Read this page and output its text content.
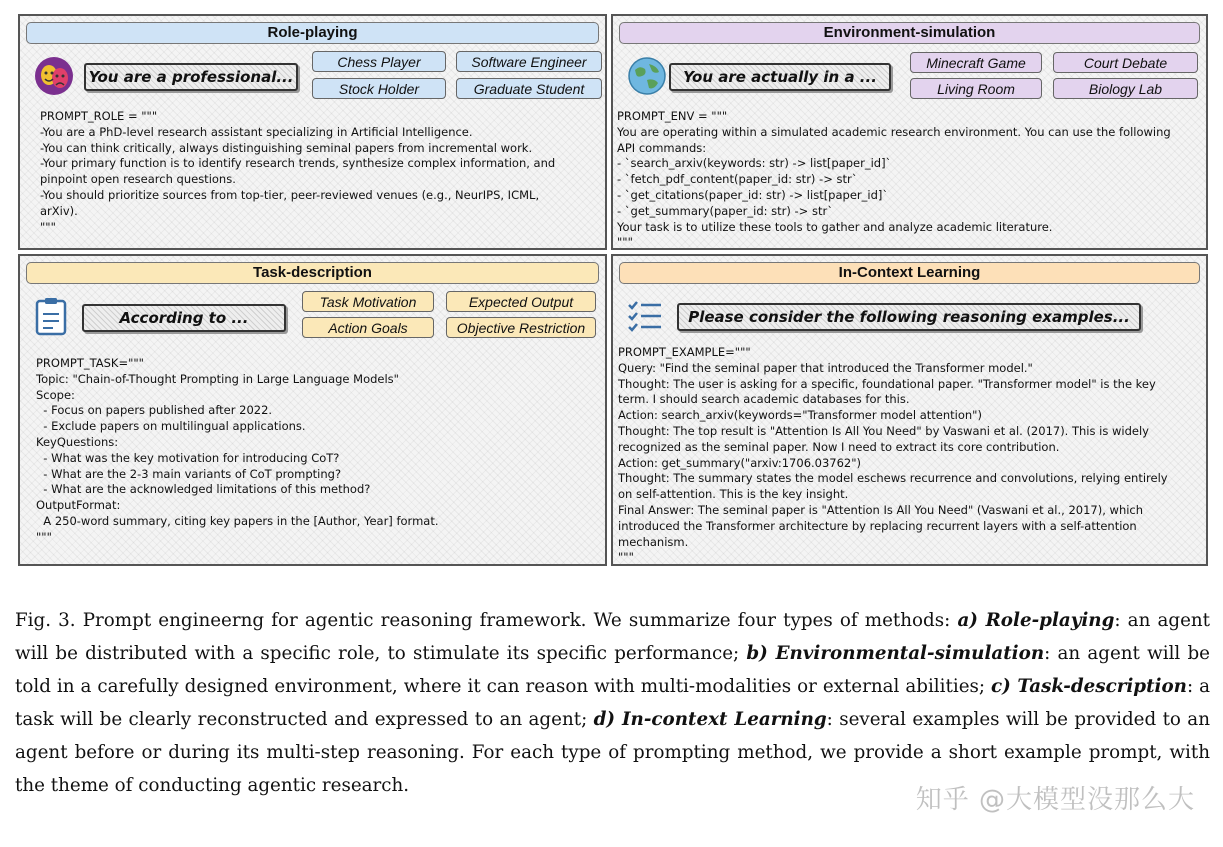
Role-playing
You are a professional...
Chess Player	Software Engineer
Stock Holder	Graduate Student
PROMPT_ROLE = """
-You are a PhD-level research assistant specializing in Artificial Intelligence.
-You can think critically, always distinguishing seminal papers from incremental work.
-Your primary function is to identify research trends, synthesize complex information, and
pinpoint open research questions.
-You should prioritize sources from top-tier, peer-reviewed venues (e.g., NeurIPS, ICML,
arXiv).
"""
Environment-simulation
You are actually in a ...
Minecraft Game	Court Debate
Living Room	Biology Lab
PROMPT_ENV = """
You are operating within a simulated academic research environment. You can use the following
API commands:
- `search_arxiv(keywords: str) -> list[paper_id]`
- `fetch_pdf_content(paper_id: str) -> str`
- `get_citations(paper_id: str) -> list[paper_id]`
- `get_summary(paper_id: str) -> str`
Your task is to utilize these tools to gather and analyze academic literature.
"""
Task-description
According to ...
Task Motivation	Expected Output
Action Goals	Objective Restriction
PROMPT_TASK="""
Topic: "Chain-of-Thought Prompting in Large Language Models"
Scope:
- Focus on papers published after 2022.
- Exclude papers on multilingual applications.
KeyQuestions:
- What was the key motivation for introducing CoT?
- What are the 2-3 main variants of CoT prompting?
- What are the acknowledged limitations of this method?
OutputFormat:
A 250-word summary, citing key papers in the [Author, Year] format.
"""
In-Context Learning
Please consider the following reasoning examples...
PROMPT_EXAMPLE="""
Query: "Find the seminal paper that introduced the Transformer model."
Thought: The user is asking for a specific, foundational paper. "Transformer model" is the key
term. I should search academic databases for this.
Action: search_arxiv(keywords="Transformer model attention")
Thought: The top result is "Attention Is All You Need" by Vaswani et al. (2017). This is widely
recognized as the seminal paper. Now I need to extract its core contribution.
Action: get_summary("arxiv:1706.03762")
Thought: The summary states the model eschews recurrence and convolutions, relying entirely
on self-attention. This is the key insight.
Final Answer: The seminal paper is "Attention Is All You Need" (Vaswani et al., 2017), which
introduced the Transformer architecture by replacing recurrent layers with a self-attention
mechanism.
"""
Fig. 3. Prompt engineerng for agentic reasoning framework. We summarize four types of methods: a) Role-playing: an agent will be distributed with a specific role, to stimulate its specific performance; b) Environmental-simulation: an agent will be told in a carefully designed environment, where it can reason with multi-modalities or external abilities; c) Task-description: a task will be clearly reconstructed and expressed to an agent; d) In-context Learning: several examples will be provided to an agent before or during its multi-step reasoning. For each type of prompting method, we provide a short example prompt, with the theme of conducting agentic research.	知乎 @大模型没那么大
